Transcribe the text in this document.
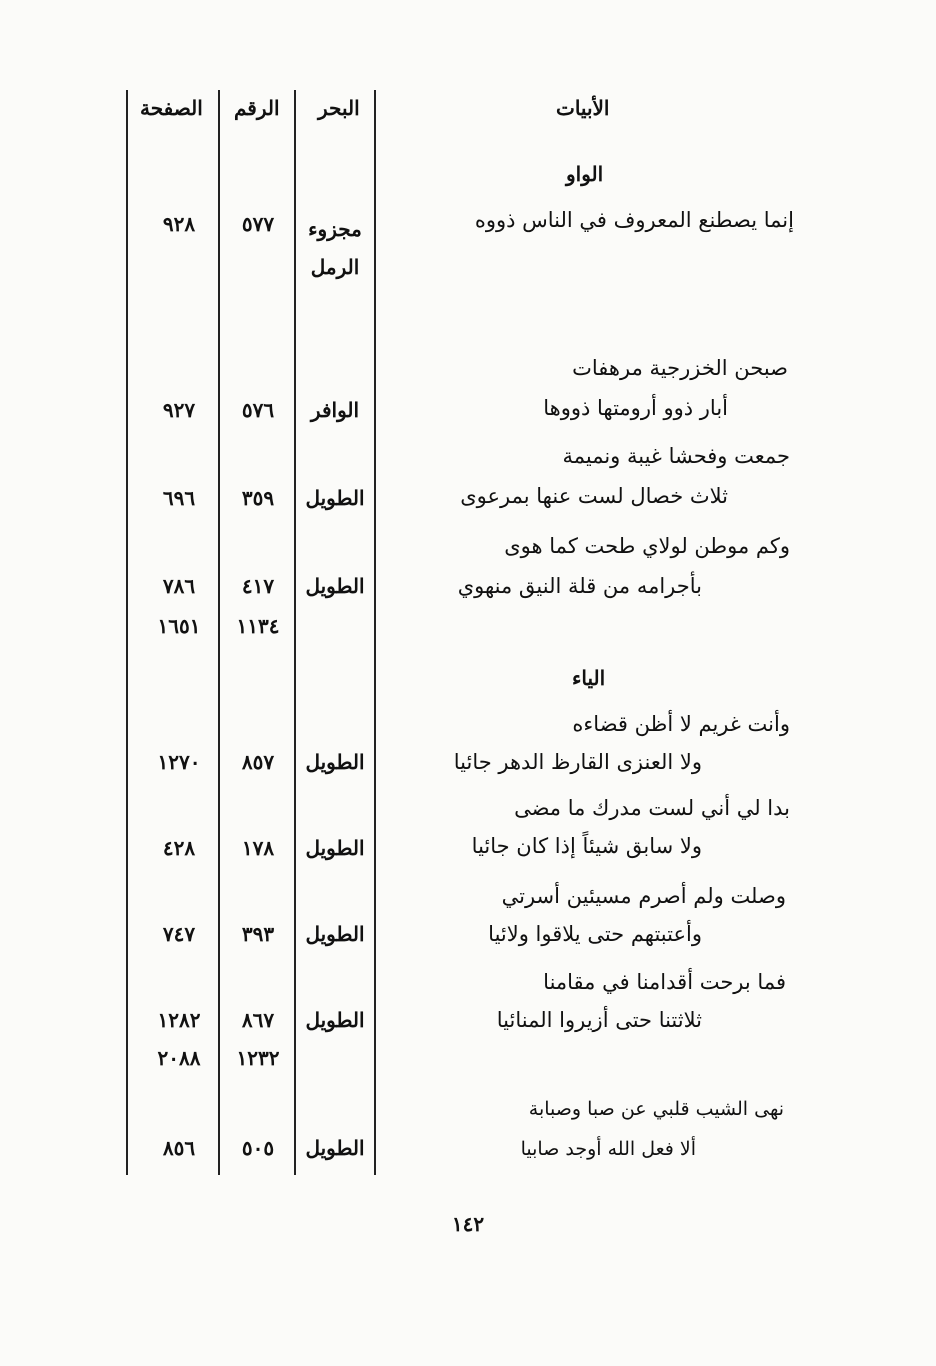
الأبيات
البحر
الرقم
الصفحة
الواو
إنما يصطنع المعروف في الناس ذووه
مجزوء الرمل
٥٧٧
٩٢٨
صبحن الخزرجية مرهفات
أبار ذوو أرومتها ذووها
الوافر
٥٧٦
٩٢٧
جمعت وفحشا غيبة ونميمة
ثلاث خصال لست عنها بمرعوى
الطويل
٣٥٩
٦٩٦
وكم موطن لولاي طحت كما هوى
بأجرامه من قلة النيق منهوي
الطويل
٤١٧
٧٨٦
١١٣٤
١٦٥١
الياء
وأنت غريم لا أظن قضاءه
ولا العنزى القارظ الدهر جائيا
الطويل
٨٥٧
١٢٧٠
بدا لي أني لست مدرك ما مضى
ولا سابق شيئاً إذا كان جائيا
الطويل
١٧٨
٤٢٨
وصلت ولم أصرم مسيئين أسرتي
وأعتبتهم حتى يلاقوا ولائيا
الطويل
٣٩٣
٧٤٧
فما برحت أقدامنا في مقامنا
ثلاثتنا حتى أزيروا المنائيا
الطويل
٨٦٧
١٢٨٢
١٢٣٢
٢٠٨٨
نهى الشيب قلبي عن صبا وصبابة
ألا فعل الله أوجد صابيا
الطويل
٥٠٥
٨٥٦
١٤٢
